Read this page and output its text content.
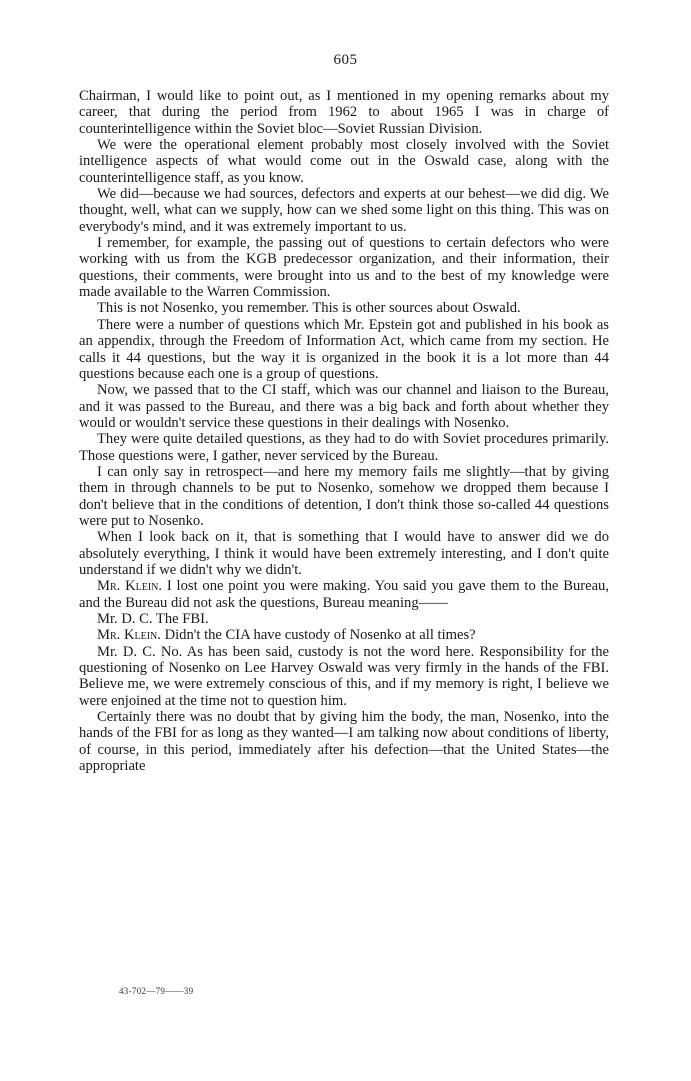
605

Chairman, I would like to point out, as I mentioned in my opening remarks about my career, that during the period from 1962 to about 1965 I was in charge of counterintelligence within the Soviet bloc—Soviet Russian Division.

We were the operational element probably most closely involved with the Soviet intelligence aspects of what would come out in the Oswald case, along with the counterintelligence staff, as you know.

We did—because we had sources, defectors and experts at our behest—we did dig. We thought, well, what can we supply, how can we shed some light on this thing. This was on everybody's mind, and it was extremely important to us.

I remember, for example, the passing out of questions to certain defectors who were working with us from the KGB predecessor organization, and their information, their questions, their comments, were brought into us and to the best of my knowledge were made available to the Warren Commission.

This is not Nosenko, you remember. This is other sources about Oswald.

There were a number of questions which Mr. Epstein got and published in his book as an appendix, through the Freedom of Information Act, which came from my section. He calls it 44 questions, but the way it is organized in the book it is a lot more than 44 questions because each one is a group of questions.

Now, we passed that to the CI staff, which was our channel and liaison to the Bureau, and it was passed to the Bureau, and there was a big back and forth about whether they would or wouldn't service these questions in their dealings with Nosenko.

They were quite detailed questions, as they had to do with Soviet procedures primarily. Those questions were, I gather, never serviced by the Bureau.

I can only say in retrospect—and here my memory fails me slightly—that by giving them in through channels to be put to Nosenko, somehow we dropped them because I don't believe that in the conditions of detention, I don't think those so-called 44 questions were put to Nosenko.

When I look back on it, that is something that I would have to answer did we do absolutely everything, I think it would have been extremely interesting, and I don't quite understand if we didn't why we didn't.

Mr. Klein. I lost one point you were making. You said you gave them to the Bureau, and the Bureau did not ask the questions, Bureau meaning——

Mr. D. C. The FBI.

Mr. Klein. Didn't the CIA have custody of Nosenko at all times?

Mr. D. C. No. As has been said, custody is not the word here. Responsibility for the questioning of Nosenko on Lee Harvey Oswald was very firmly in the hands of the FBI. Believe me, we were extremely conscious of this, and if my memory is right, I believe we were enjoined at the time not to question him.

Certainly there was no doubt that by giving him the body, the man, Nosenko, into the hands of the FBI for as long as they wanted—I am talking now about conditions of liberty, of course, in this period, immediately after his defection—that the United States—the appropriate

43-702—79——39
